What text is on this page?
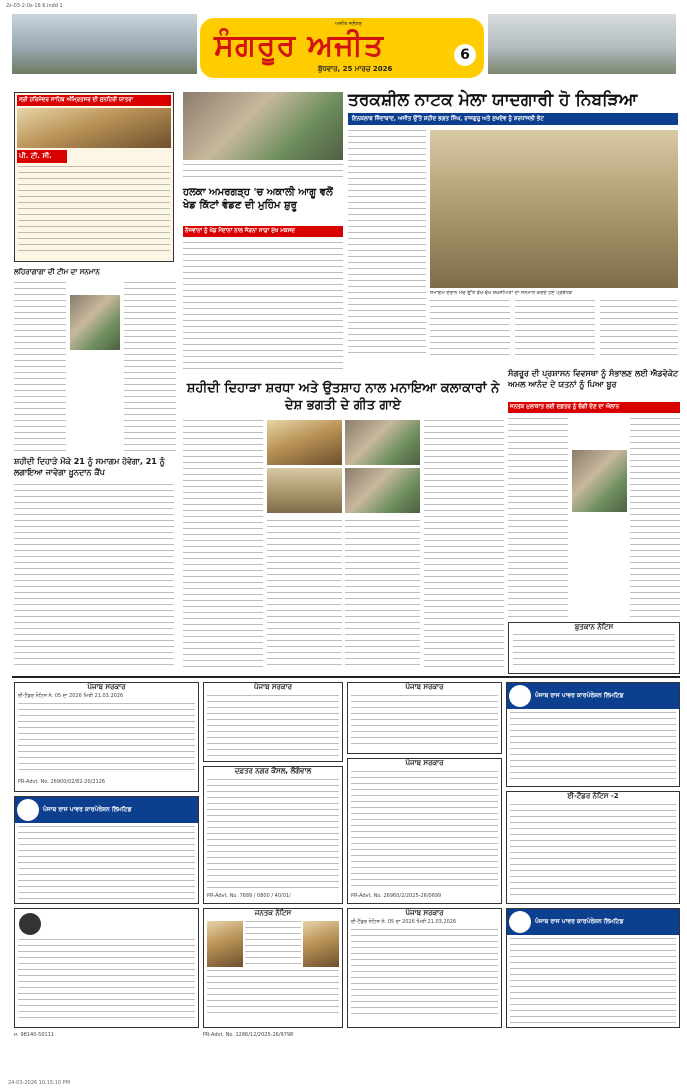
2s-03-2-0s-16 6.indd 1
ਅਜੀਤ ਜਲੰਧਰ
ਸੰਗਰੂਰ ਅਜੀਤ	6
ਬੁੱਧਵਾਰ, 25 ਮਾਰਚ 2026
ਤਰਕਸ਼ੀਲ ਨਾਟਕ ਮੇਲਾ ਯਾਦਗਾਰੀ ਹੋ ਨਿਬੜਿਆ
ਇਨਕਲਾਬ ਜ਼ਿੰਦਾਬਾਦ, ਅਜੀਤ ਉੱਤੇ ਸ਼ਹੀਦ ਭਗਤ ਸਿੰਘ, ਰਾਜਗੁਰੂ ਅਤੇ ਸੁਖਦੇਵ ਨੂੰ ਸ਼ਰਧਾਂਜਲੀ ਭੇਟ
ਸ੍ਰੀ ਹਰਿਮੰਦਰ ਸਾਹਿਬ ਅੰਮ੍ਰਿਤਸਰ ਦੀ ਸੁਨਹਿਰੀ ਯਾਤਰਾ
ਪੀ. ਟੀ. ਸੀ.
ਹਲਕਾ ਅਮਰਗੜ੍ਹ 'ਚ ਅਕਾਲੀ ਆਗੂ ਵਲੋਂ ਖੇਡ ਕਿੱਟਾਂ ਵੰਡਣ ਦੀ ਮੁਹਿੰਮ ਸ਼ੁਰੂ
ਨੌਜਵਾਨਾਂ ਨੂੰ ਖੇਡ ਮੈਦਾਨਾਂ ਨਾਲ ਜੋੜਨਾ ਸਾਡਾ ਮੁੱਖ ਮਕਸਦ
ਸਮਾਗਮ ਦੌਰਾਨ ਮੰਚ ਉੱਤੇ ਵੱਖ-ਵੱਖ ਸ਼ਖ਼ਸੀਅਤਾਂ ਦਾ ਸਨਮਾਨ ਕਰਦੇ ਹੋਏ ਪ੍ਰਬੰਧਕ
ਲਹਿਰਾਗਾਗਾ ਦੀ ਟੀਮ ਦਾ ਸਨਮਾਨ
ਸ਼ਹੀਦੀ ਦਿਹਾੜੇ ਮੌਕੇ 21 ਨੂੰ ਸਮਾਗਮ ਹੋਵੇਗਾ, 21 ਨੂੰ ਲਗਾਇਆ ਜਾਵੇਗਾ ਖ਼ੂਨਦਾਨ ਕੈਂਪ
ਸ਼ਹੀਦੀ ਦਿਹਾੜਾ ਸ਼ਰਧਾ ਅਤੇ ਉਤਸ਼ਾਹ ਨਾਲ ਮਨਾਇਆ ਕਲਾਕਾਰਾਂ ਨੇ ਦੇਸ਼ ਭਗਤੀ ਦੇ ਗੀਤ ਗਾਏ
ਸੰਗਰੂਰ ਦੀ ਪ੍ਰਸ਼ਾਸਨ ਵਿਵਸਥਾ ਨੂੰ ਸੰਭਾਲਣ ਲਈ ਐਡਵੋਕੇਟ ਅਮਲ ਆਨੰਦ ਦੇ ਯਤਨਾਂ ਨੂੰ ਪਿਆ ਬੂਰ
ਜਨਤਕ ਮੁਲਾਕਾਤ ਲਈ ਦਫ਼ਤਰ ਨੂੰ ਚੰਗੀ ਦੇਣ ਦਾ ਐਲਾਨ
ਬੁਤਕਾਨ ਨੋਟਿਸ
ਪੰਜਾਬ ਸਰਕਾਰ
ਈ-ਟੈਂਡਰ ਨੋਟਿਸ ਨੰ. 05 ਦਾ 2026 ਮਿਤੀ 21.03.2026
PR-Advt. No. 26900/02/82-20/2126
ਪੰਜਾਬ ਸਰਕਾਰ	ਪੰਜਾਬ ਸਰਕਾਰ
ਪੰਜਾਬ ਰਾਜ ਪਾਵਰ ਕਾਰਪੋਰੇਸ਼ਨ ਲਿਮਟਿਡ
ਪੰਜਾਬ ਰਾਜ ਪਾਵਰ ਕਾਰਪੋਰੇਸ਼ਨ ਲਿਮਟਿਡ
ਦਫ਼ਤਰ ਨਗਰ ਕੌਂਸਲ, ਲੌਂਗੋਵਾਲ
PR-Advt. No. 7689 / 0800 / 40/01/
ਪੰਜਾਬ ਸਰਕਾਰ
PR-Advt. No. 26960/2/2025-26/0699
ਈ-ਟੈਂਡਰ ਨੋਟਿਸ -2
ਜਨਤਕ ਨੋਟਿਸ	ਪੰਜਾਬ ਸਰਕਾਰ
ਈ-ਟੈਂਡਰ ਨੋਟਿਸ ਨੰ. 05 ਦਾ 2026 ਮਿਤੀ 21.03.2026	ਪੰਜਾਬ ਰਾਜ ਪਾਵਰ ਕਾਰਪੋਰੇਸ਼ਨ ਲਿਮਟਿਡ
PR-Advt. No. 1286/12/2025-26/9798
ਮੋ. 98140-50111
24-03-2026 10:15:10 PM
